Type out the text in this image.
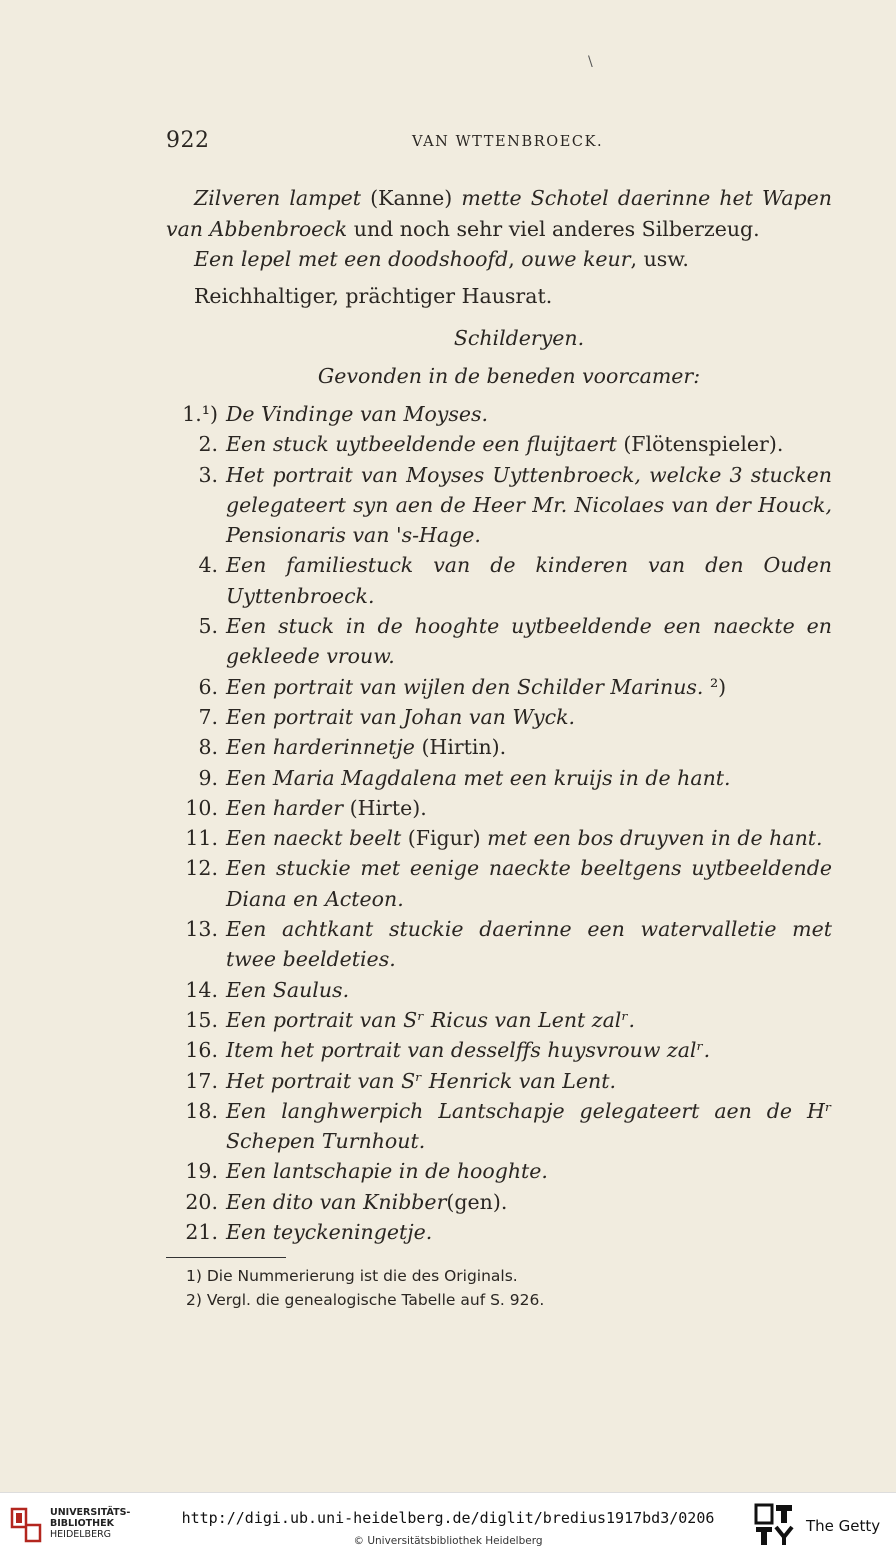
\
922	VAN WTTENBROECK.

Zilveren lampet (Kanne) mette Schotel daerinne het Wapen van Abbenbroeck und noch sehr viel anderes Silberzeug.

Een lepel met een doodshoofd, ouwe keur, usw.

Reichhaltiger, prächtiger Hausrat.

Schilderyen.

Gevonden in de beneden voorcamer:

1.¹) De Vindinge van Moyses.
2. Een stuck uytbeeldende een fluijtaert (Flötenspieler).
3. Het portrait van Moyses Uyttenbroeck, welcke 3 stucken gelegateert syn aen de Heer Mr. Nicolaes van der Houck, Pensionaris van 's-Hage.
4. Een familiestuck van de kinderen van den Ouden Uyttenbroeck.
5. Een stuck in de hooghte uytbeeldende een naeckte en gekleede vrouw.
6. Een portrait van wijlen den Schilder Marinus. ²)
7. Een portrait van Johan van Wyck.
8. Een harderinnetje (Hirtin).
9. Een Maria Magdalena met een kruijs in de hant.
10. Een harder (Hirte).
11. Een naeckt beelt (Figur) met een bos druyven in de hant.
12. Een stuckie met eenige naeckte beeltgens uytbeeldende Diana en Acteon.
13. Een achtkant stuckie daerinne een watervalletie met twee beeldeties.
14. Een Saulus.
15. Een portrait van Sʳ Ricus van Lent zalʳ.
16. Item het portrait van desselffs huysvrouw zalʳ.
17. Het portrait van Sʳ Henrick van Lent.
18. Een langhwerpich Lantschapje gelegateert aen de Hʳ Schepen Turnhout.
19. Een lantschapie in de hooghte.
20. Een dito van Knibber(gen).
21. Een teyckeningetje.
1) Die Nummerierung ist die des Originals.
2) Vergl. die genealogische Tabelle auf S. 926.
UNIVERSITÄTS-
BIBLIOTHEK
HEIDELBERG
http://digi.ub.uni-heidelberg.de/diglit/bredius1917bd3/0206
© Universitätsbibliothek Heidelberg
The Getty
